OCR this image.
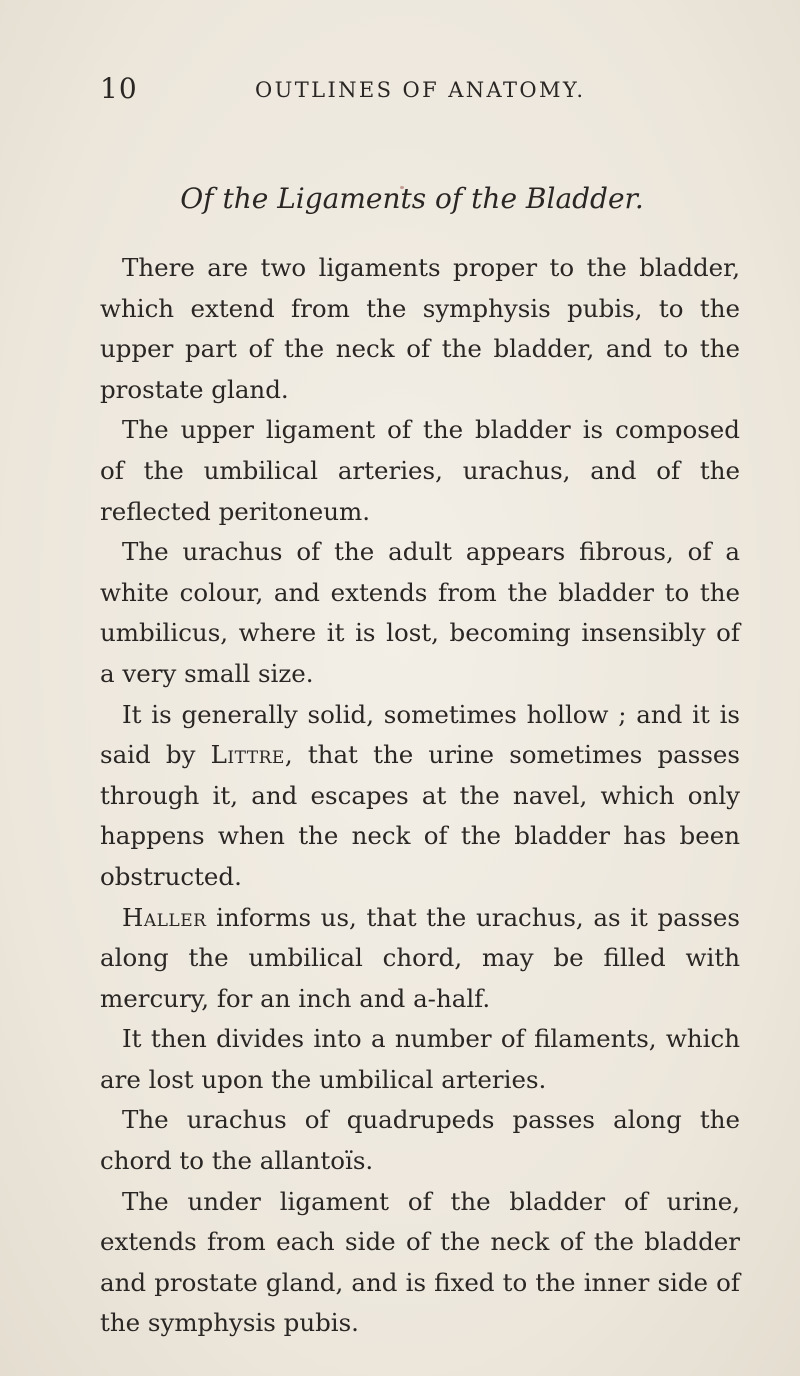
10	OUTLINES OF ANATOMY.
Of the Ligaments of the Bladder.

There are two ligaments proper to the bladder, which extend from the symphysis pubis, to the upper part of the neck of the bladder, and to the prostate gland.

The upper ligament of the bladder is composed of the umbilical arteries, urachus, and of the reflected peritoneum.

The urachus of the adult appears fibrous, of a white colour, and extends from the bladder to the umbilicus, where it is lost, becoming insensibly of a very small size.

It is generally solid, sometimes hollow ; and it is said by Littre, that the urine sometimes passes through it, and escapes at the navel, which only happens when the neck of the bladder has been obstructed.

Haller informs us, that the urachus, as it passes along the umbilical chord, may be filled with mercury, for an inch and a-half.

It then divides into a number of filaments, which are lost upon the umbilical arteries.

The urachus of quadrupeds passes along the chord to the allantoïs.

The under ligament of the bladder of urine, extends from each side of the neck of the bladder and prostate gland, and is fixed to the inner side of the symphysis pubis.
